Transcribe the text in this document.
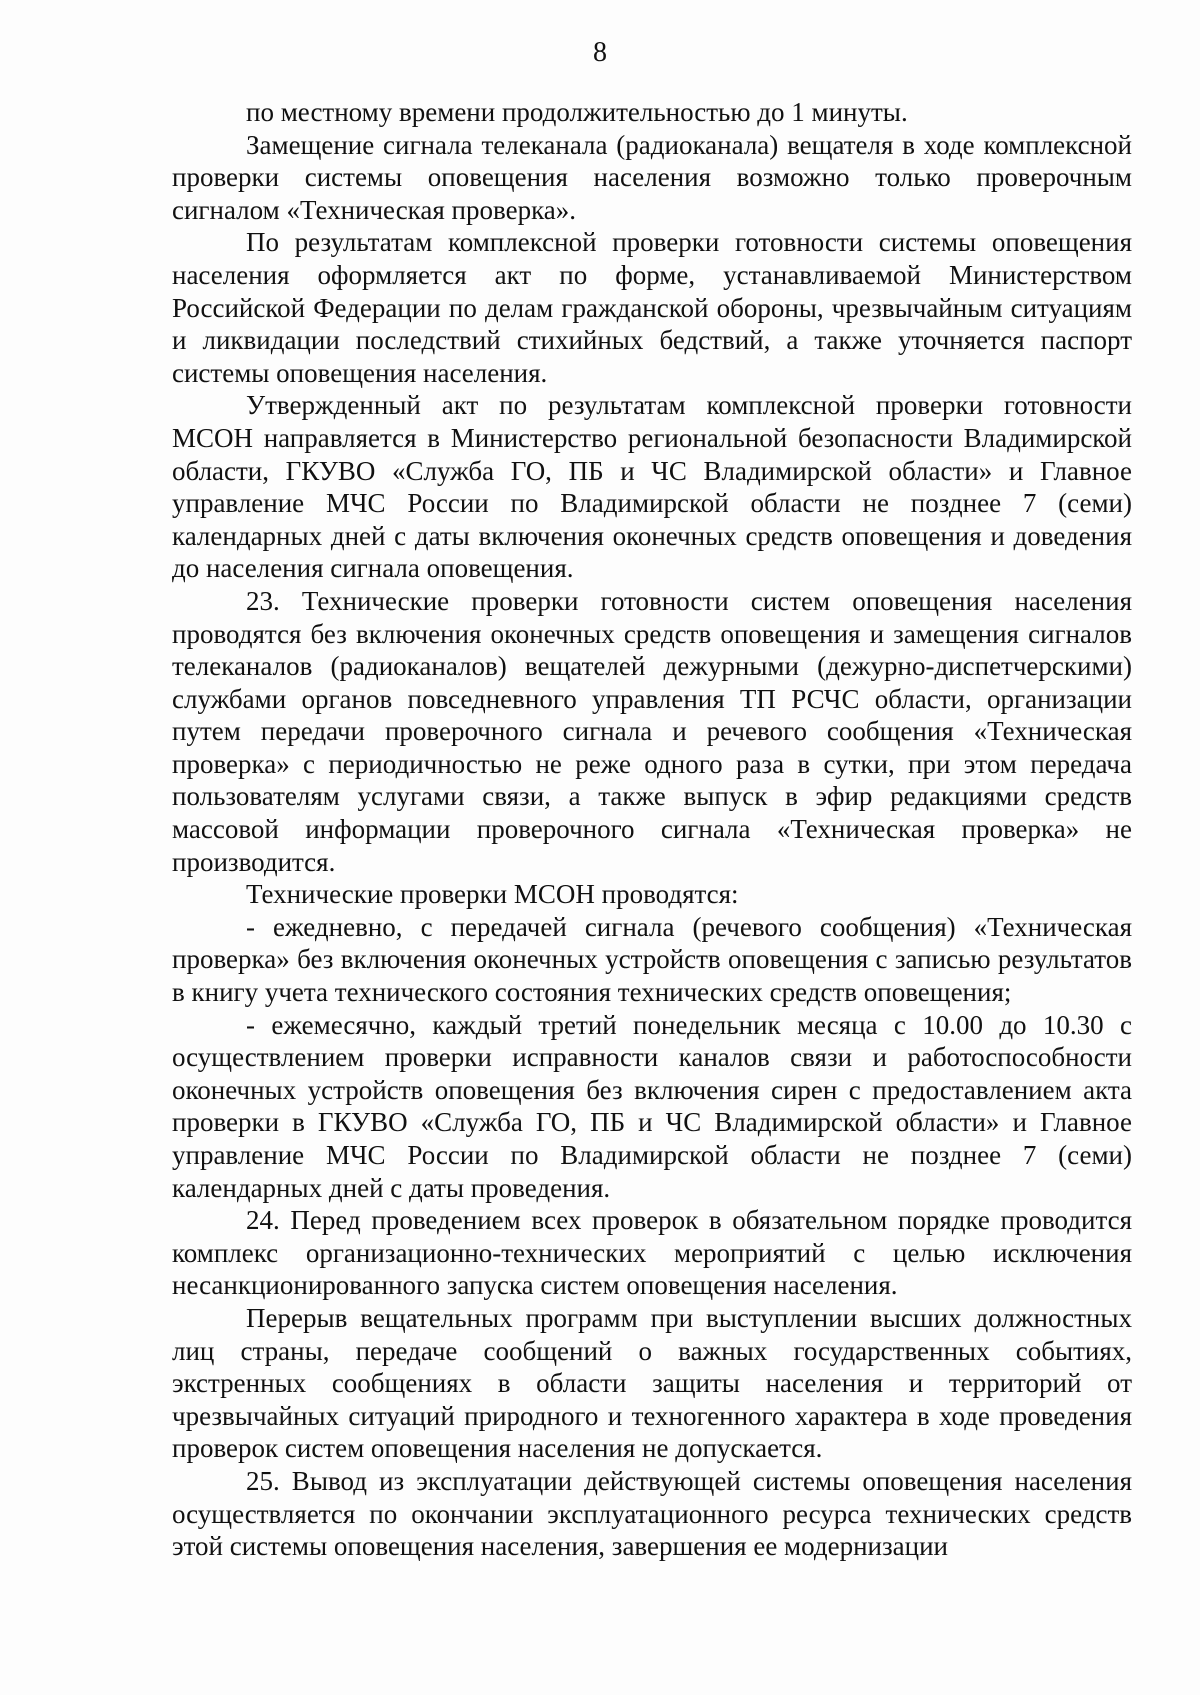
8

по местному времени продолжительностью до 1 минуты.

Замещение сигнала телеканала (радиоканала) вещателя в ходе комплексной проверки системы оповещения населения возможно только проверочным сигналом «Техническая проверка».

По результатам комплексной проверки готовности системы оповещения населения оформляется акт по форме, устанавливаемой Министерством Российской Федерации по делам гражданской обороны, чрезвычайным ситуациям и ликвидации последствий стихийных бедствий, а также уточняется паспорт системы оповещения населения.

Утвержденный акт по результатам комплексной проверки готовности МСОН направляется в Министерство региональной безопасности Владимирской области, ГКУВО «Служба ГО, ПБ и ЧС Владимирской области» и Главное управление МЧС России по Владимирской области не позднее 7 (семи) календарных дней с даты включения оконечных средств оповещения и доведения до населения сигнала оповещения.

23. Технические проверки готовности систем оповещения населения проводятся без включения оконечных средств оповещения и замещения сигналов телеканалов (радиоканалов) вещателей дежурными (дежурно-диспетчерскими) службами органов повседневного управления ТП РСЧС области, организации путем передачи проверочного сигнала и речевого сообщения «Техническая проверка» с периодичностью не реже одного раза в сутки, при этом передача пользователям услугами связи, а также выпуск в эфир редакциями средств массовой информации проверочного сигнала «Техническая проверка» не производится.

Технические проверки МСОН проводятся:

- ежедневно, с передачей сигнала (речевого сообщения) «Техническая проверка» без включения оконечных устройств оповещения с записью результатов в книгу учета технического состояния технических средств оповещения;

- ежемесячно, каждый третий понедельник месяца с 10.00 до 10.30 с осуществлением проверки исправности каналов связи и работоспособности оконечных устройств оповещения без включения сирен с предоставлением акта проверки в ГКУВО «Служба ГО, ПБ и ЧС Владимирской области» и Главное управление МЧС России по Владимирской области не позднее 7 (семи) календарных дней с даты проведения.

24. Перед проведением всех проверок в обязательном порядке проводится комплекс организационно-технических мероприятий с целью исключения несанкционированного запуска систем оповещения населения.

Перерыв вещательных программ при выступлении высших должностных лиц страны, передаче сообщений о важных государственных событиях, экстренных сообщениях в области защиты населения и территорий от чрезвычайных ситуаций природного и техногенного характера в ходе проведения проверок систем оповещения населения не допускается.

25. Вывод из эксплуатации действующей системы оповещения населения осуществляется по окончании эксплуатационного ресурса технических средств этой системы оповещения населения, завершения ее модернизации
